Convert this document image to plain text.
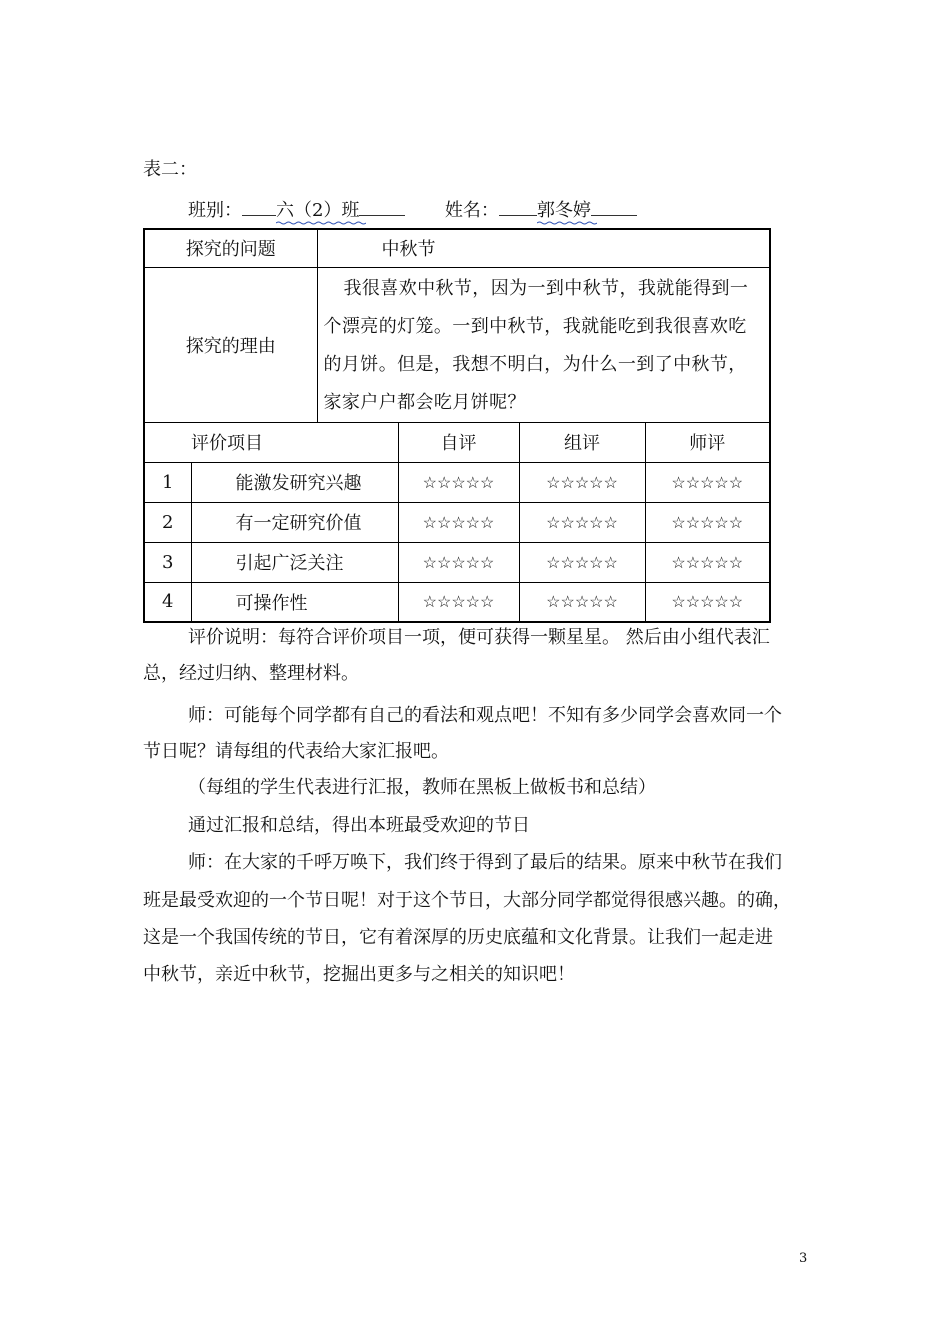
表二：
班别： 六（2）班	姓名： 郭冬婷
探究的问题		中秋节			
探究的理由		我很喜欢中秋节，因为一到中秋节，我就能得到一
个漂亮的灯笼。一到中秋节，我就能吃到我很喜欢吃
的月饼。但是，我想不明白，为什么一到了中秋节，
家家户户都会吃月饼呢？			

评价项目			自评	组评	师评
1	能激发研究兴趣		☆☆☆☆☆	☆☆☆☆☆	☆☆☆☆☆
2	有一定研究价值		☆☆☆☆☆	☆☆☆☆☆	☆☆☆☆☆
3	引起广泛关注		☆☆☆☆☆	☆☆☆☆☆	☆☆☆☆☆
4	可操作性		☆☆☆☆☆	☆☆☆☆☆	☆☆☆☆☆
评价说明：每符合评价项目一项，便可获得一颗星星。 然后由小组代表汇
总，经过归纳、整理材料。
师：可能每个同学都有自己的看法和观点吧！不知有多少同学会喜欢同一个
节日呢？请每组的代表给大家汇报吧。
（每组的学生代表进行汇报，教师在黑板上做板书和总结）
通过汇报和总结，得出本班最受欢迎的节日
师：在大家的千呼万唤下，我们终于得到了最后的结果。原来中秋节在我们
班是最受欢迎的一个节日呢！对于这个节日，大部分同学都觉得很感兴趣。的确，
这是一个我国传统的节日，它有着深厚的历史底蕴和文化背景。让我们一起走进
中秋节，亲近中秋节，挖掘出更多与之相关的知识吧！
3
